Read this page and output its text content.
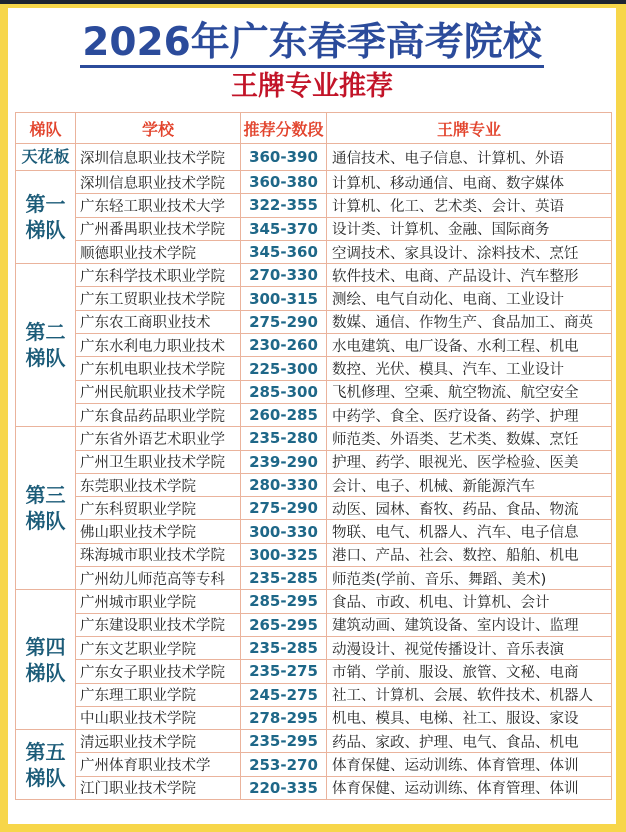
2026年广东春季高考院校
王牌专业推荐
梯队	学校	推荐分数段	王牌专业
天花板	深圳信息职业技术学院	360-390	通信技术、电子信息、计算机、外语
第一梯队	深圳信息职业技术学院	360-380	计算机、移动通信、电商、数字媒体
	广东轻工职业技术大学	322-355	计算机、化工、艺术类、会计、英语
	广州番禺职业技术学院	345-370	设计类、计算机、金融、国际商务
	顺德职业技术学院	345-360	空调技术、家具设计、涂料技术、烹饪
第二梯队	广东科学技术职业学院	270-330	软件技术、电商、产品设计、汽车整形
	广东工贸职业技术学院	300-315	测绘、电气自动化、电商、工业设计
	广东农工商职业技术	275-290	数媒、通信、作物生产、食品加工、商英
	广东水利电力职业技术	230-260	水电建筑、电厂设备、水利工程、机电
	广东机电职业技术学院	225-300	数控、光伏、模具、汽车、工业设计
	广州民航职业技术学院	285-300	飞机修理、空乘、航空物流、航空安全
	广东食品药品职业学院	260-285	中药学、食全、医疗设备、药学、护理
第三梯队	广东省外语艺术职业学	235-280	师范类、外语类、艺术类、数媒、烹饪
	广州卫生职业技术学院	239-290	护理、药学、眼视光、医学检验、医美
	东莞职业技术学院	280-330	会计、电子、机械、新能源汽车
	广东科贸职业学院	275-290	动医、园林、畜牧、药品、食品、物流
	佛山职业技术学院	300-330	物联、电气、机器人、汽车、电子信息
	珠海城市职业技术学院	300-325	港口、产品、社会、数控、船舶、机电
	广州幼儿师范高等专科	235-285	师范类(学前、音乐、舞蹈、美术)
第四梯队	广州城市职业学院	285-295	食品、市政、机电、计算机、会计
	广东建设职业技术学院	265-295	建筑动画、建筑设备、室内设计、监理
	广东文艺职业学院	235-285	动漫设计、视觉传播设计、音乐表演
	广东女子职业技术学院	235-275	市销、学前、服设、旅管、文秘、电商
	广东理工职业学院	245-275	社工、计算机、会展、软件技术、机器人
	中山职业技术学院	278-295	机电、模具、电梯、社工、服设、家设
第五梯队	清远职业技术学院	235-295	药品、家政、护理、电气、食品、机电
	广州体育职业技术学	253-270	体育保健、运动训练、体育管理、体训
	江门职业技术学院	220-335	体育保健、运动训练、体育管理、体训
